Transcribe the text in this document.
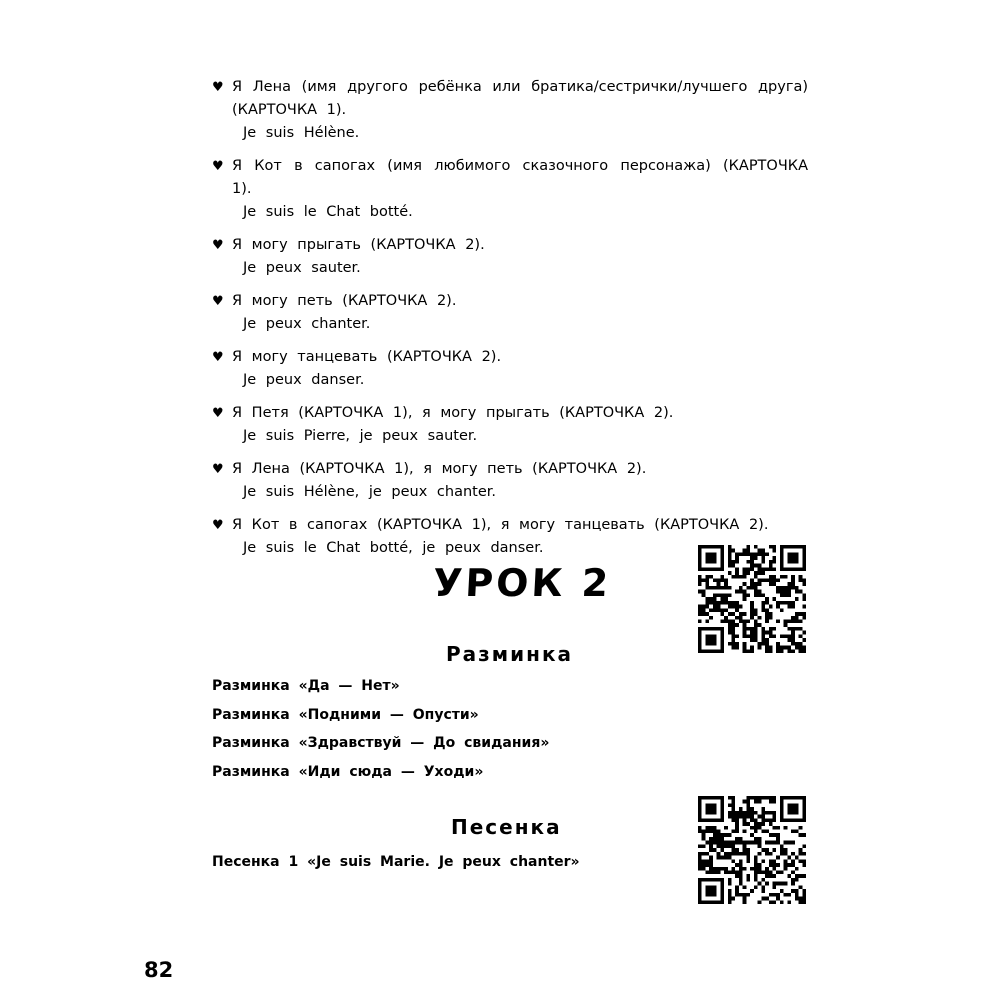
♥ Я Лена (имя другого ребёнка или братика/сестрички/лучшего друга) (КАРТОЧКА 1).
Je suis Hélène.
♥ Я Кот в сапогах (имя любимого сказочного персонажа) (КАРТОЧКА 1).
Je suis le Chat botté.
♥ Я могу прыгать (КАРТОЧКА 2).
Je peux sauter.
♥ Я могу петь (КАРТОЧКА 2).
Je peux chanter.
♥ Я могу танцевать (КАРТОЧКА 2).
Je peux danser.
♥ Я Петя (КАРТОЧКА 1), я могу прыгать (КАРТОЧКА 2).
Je suis Pierre, je peux sauter.
♥ Я Лена (КАРТОЧКА 1), я могу петь (КАРТОЧКА 2).
Je suis Hélène, je peux chanter.
♥ Я Кот в сапогах (КАРТОЧКА 1), я могу танцевать (КАРТОЧКА 2).
Je suis le Chat botté, je peux danser.
УРОК 2
Разминка
Разминка «Да — Нет»
Разминка «Подними — Опусти»
Разминка «Здравствуй — До свидания»
Разминка «Иди сюда — Уходи»
Песенка
Песенка 1 «Je suis Marie. Je peux chanter»
82
